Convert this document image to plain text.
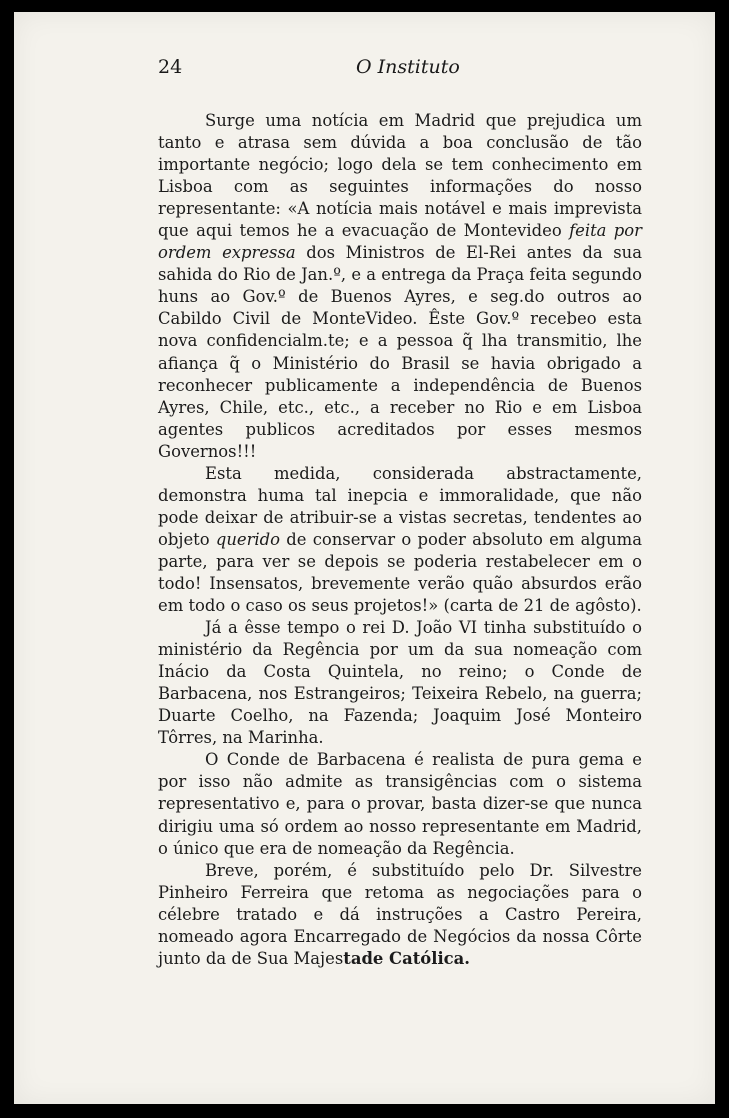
24	O Instituto

Surge uma notícia em Madrid que prejudica um tanto e atrasa sem dúvida a boa conclusão de tão importante negócio; logo dela se tem conhecimento em Lisboa com as seguintes informações do nosso representante: «A notícia mais notável e mais imprevista que aqui temos he a evacuação de Montevideo feita por ordem expressa dos Ministros de El-Rei antes da sua sahida do Rio de Jan.º, e a entrega da Praça feita segundo huns ao Gov.º de Buenos Ayres, e seg.do outros ao Cabildo Civil de MonteVideo. Êste Gov.º recebeo esta nova confidencialm.te; e a pessoa q̃ lha transmitio, lhe afiança q̃ o Ministério do Brasil se havia obrigado a reconhecer publicamente a independência de Buenos Ayres, Chile, etc., etc., a receber no Rio e em Lisboa agentes publicos acreditados por esses mesmos Governos!!!

Esta medida, considerada abstractamente, demonstra huma tal inepcia e immoralidade, que não pode deixar de atribuir-se a vistas secretas, tendentes ao objeto querido de conservar o poder absoluto em alguma parte, para ver se depois se poderia restabelecer em o todo! Insensatos, brevemente verão quão absurdos erão em todo o caso os seus projetos!» (carta de 21 de agôsto).

Já a êsse tempo o rei D. João VI tinha substituído o ministério da Regência por um da sua nomeação com Inácio da Costa Quintela, no reino; o Conde de Barbacena, nos Estrangeiros; Teixeira Rebelo, na guerra; Duarte Coelho, na Fazenda; Joaquim José Monteiro Tôrres, na Marinha.

O Conde de Barbacena é realista de pura gema e por isso não admite as transigências com o sistema representativo e, para o provar, basta dizer-se que nunca dirigiu uma só ordem ao nosso representante em Madrid, o único que era de nomeação da Regência.

Breve, porém, é substituído pelo Dr. Silvestre Pinheiro Ferreira que retoma as negociações para o célebre tratado e dá instruções a Castro Pereira, nomeado agora Encarregado de Negócios da nossa Côrte junto da de Sua Majestade Católica.
